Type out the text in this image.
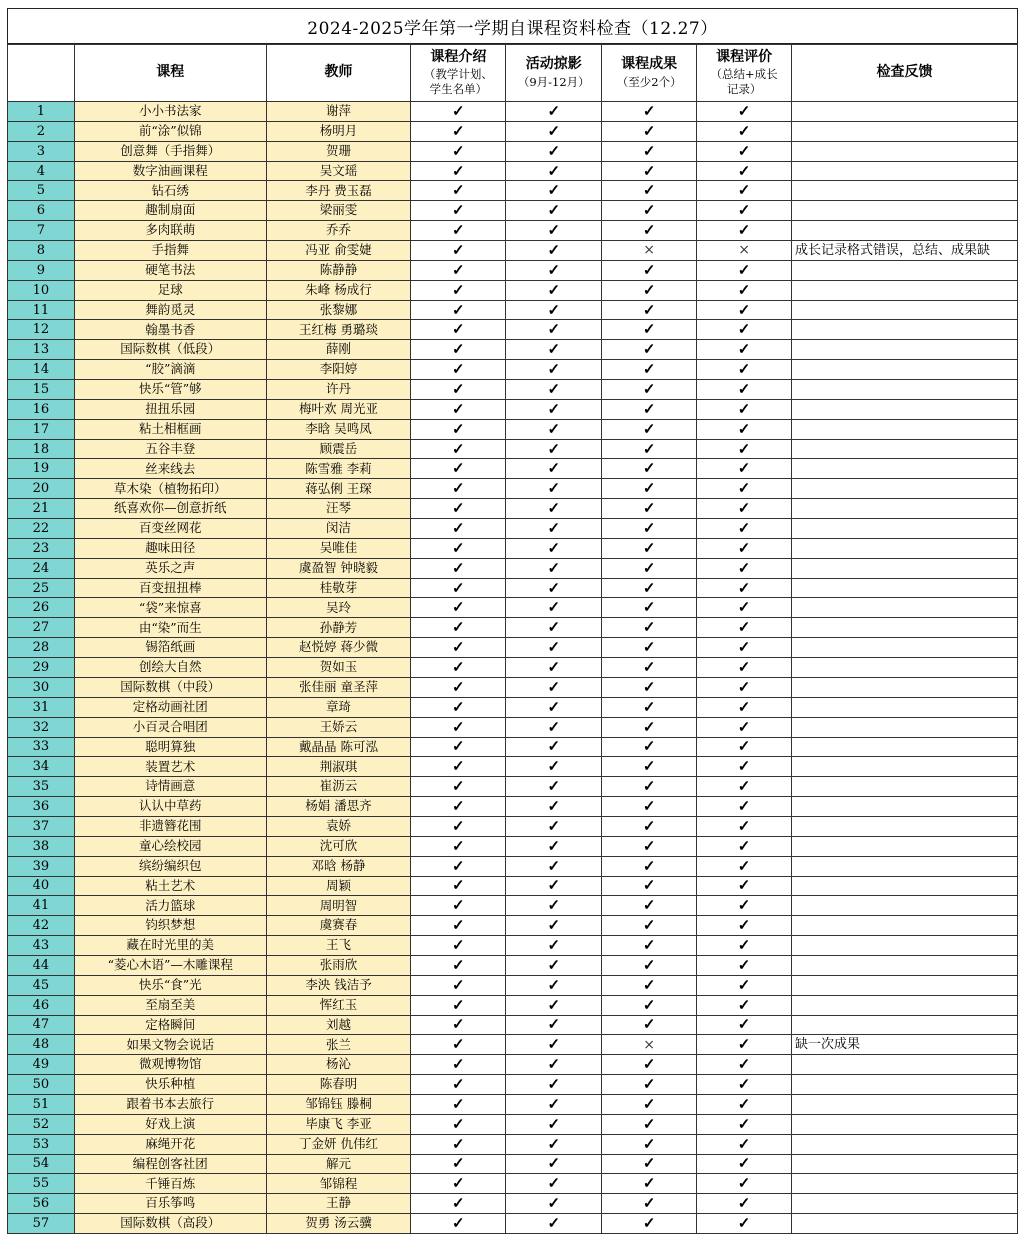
2024-2025学年第一学期自课程资料检查（12.27）
	课程	教师	课程介绍
（教学计划、
学生名单）	活动掠影
（9月-12月）	课程成果
（至少2个）	课程评价
（总结+成长
记录）	检查反馈
1	小小书法家	谢萍	✓	✓	✓	✓	
2	前“涂”似锦	杨明月	✓	✓	✓	✓	
3	创意舞（手指舞）	贺珊	✓	✓	✓	✓	
4	数字油画课程	吴文瑶	✓	✓	✓	✓	
5	钻石绣	李丹 费玉磊	✓	✓	✓	✓	
6	趣制扇面	梁丽雯	✓	✓	✓	✓	
7	多肉联萌	乔乔	✓	✓	✓	✓	
8	手指舞	冯亚 俞雯婕	✓	✓	×	×	成长记录格式错误，总结、成果缺
9	硬笔书法	陈静静	✓	✓	✓	✓	
10	足球	朱峰 杨成行	✓	✓	✓	✓	
11	舞韵觅灵	张黎娜	✓	✓	✓	✓	
12	翰墨书香	王红梅 勇璐琰	✓	✓	✓	✓	
13	国际数棋（低段）	薛刚	✓	✓	✓	✓	
14	“胶”滴滴	李阳婷	✓	✓	✓	✓	
15	快乐“管”够	许丹	✓	✓	✓	✓	
16	扭扭乐园	梅叶欢 周光亚	✓	✓	✓	✓	
17	粘土相框画	李晗 吴鸣凤	✓	✓	✓	✓	
18	五谷丰登	顾震岳	✓	✓	✓	✓	
19	丝来线去	陈雪雅 李莉	✓	✓	✓	✓	
20	草木染（植物拓印）	蒋弘俐 王琛	✓	✓	✓	✓	
21	纸喜欢你—创意折纸	汪琴	✓	✓	✓	✓	
22	百变丝网花	闵洁	✓	✓	✓	✓	
23	趣味田径	吴唯佳	✓	✓	✓	✓	
24	英乐之声	虞盈智 钟晓毅	✓	✓	✓	✓	
25	百变扭扭棒	桂敬芽	✓	✓	✓	✓	
26	“袋”来惊喜	吴玲	✓	✓	✓	✓	
27	由“染”而生	孙静芳	✓	✓	✓	✓	
28	锡箔纸画	赵悦婷 蒋少微	✓	✓	✓	✓	
29	创绘大自然	贺如玉	✓	✓	✓	✓	
30	国际数棋（中段）	张佳丽 童圣萍	✓	✓	✓	✓	
31	定格动画社团	章琦	✓	✓	✓	✓	
32	小百灵合唱团	王娇云	✓	✓	✓	✓	
33	聪明算独	戴晶晶 陈可泓	✓	✓	✓	✓	
34	装置艺术	荆淑琪	✓	✓	✓	✓	
35	诗情画意	崔沥云	✓	✓	✓	✓	
36	认认中草药	杨娟 潘思齐	✓	✓	✓	✓	
37	非遗簪花围	袁娇	✓	✓	✓	✓	
38	童心绘校园	沈可欣	✓	✓	✓	✓	
39	缤纷编织包	邓晗 杨静	✓	✓	✓	✓	
40	粘土艺术	周颖	✓	✓	✓	✓	
41	活力篮球	周明智	✓	✓	✓	✓	
42	钧织梦想	虞赛春	✓	✓	✓	✓	
43	藏在时光里的美	王飞	✓	✓	✓	✓	
44	“菱心木语”—木雕课程	张雨欣	✓	✓	✓	✓	
45	快乐“食”光	李泱 钱洁予	✓	✓	✓	✓	
46	至扇至美	恽红玉	✓	✓	✓	✓	
47	定格瞬间	刘越	✓	✓	✓	✓	
48	如果文物会说话	张兰	✓	✓	×	✓	缺一次成果
49	微观博物馆	杨沁	✓	✓	✓	✓	
50	快乐种植	陈春明	✓	✓	✓	✓	
51	跟着书本去旅行	邹锦钰 滕桐	✓	✓	✓	✓	
52	好戏上演	毕康飞 李亚	✓	✓	✓	✓	
53	麻绳开花	丁金妍 仇伟红	✓	✓	✓	✓	
54	编程创客社团	解元	✓	✓	✓	✓	
55	千锤百炼	邹锦程	✓	✓	✓	✓	
56	百乐筝鸣	王静	✓	✓	✓	✓	
57	国际数棋（高段）	贺勇 汤云骥	✓	✓	✓	✓	
